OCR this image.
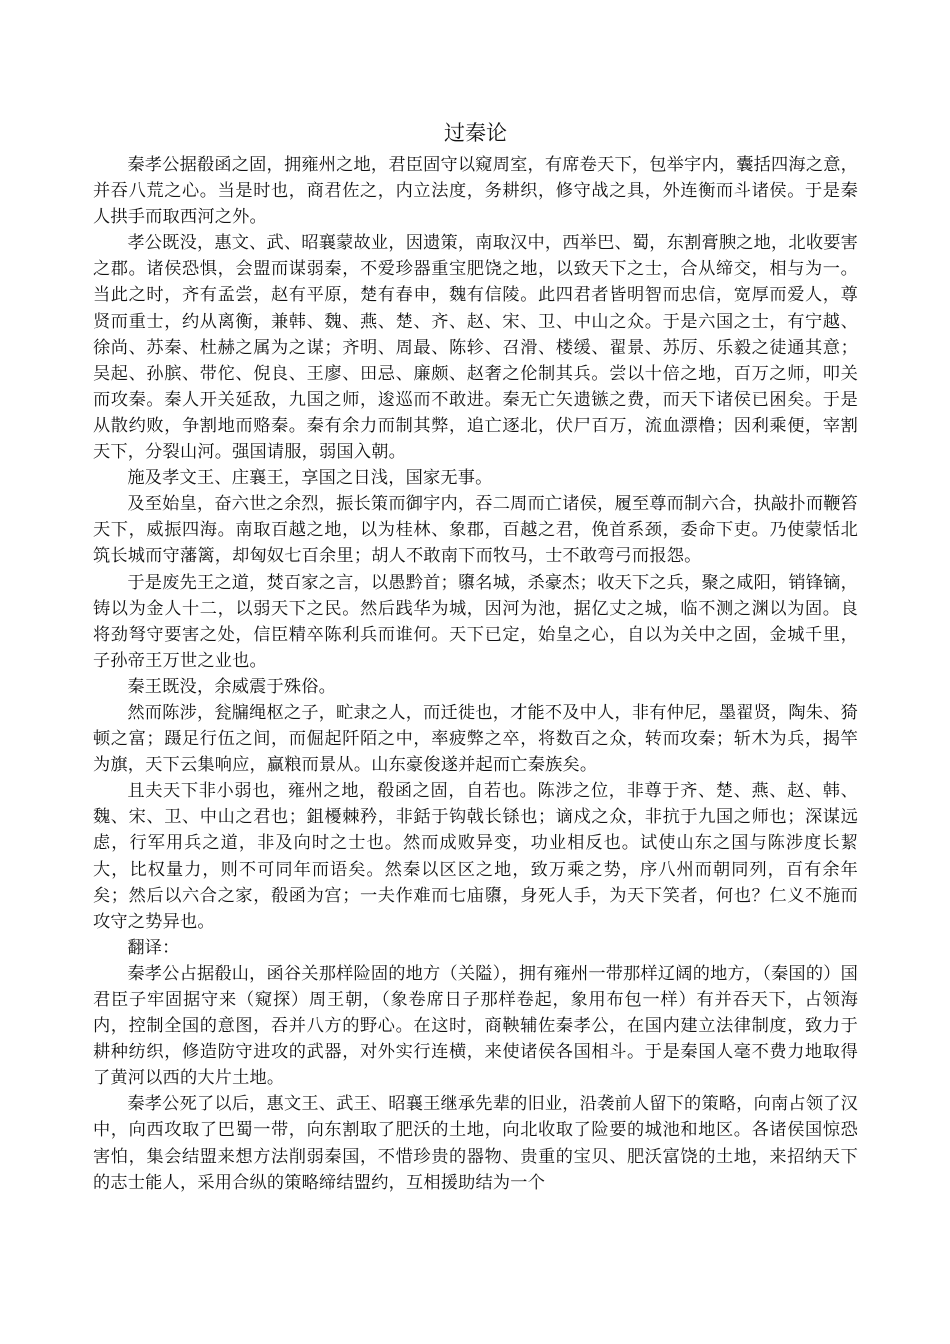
过秦论

秦孝公据殽函之固，拥雍州之地，君臣固守以窥周室，有席卷天下，包举宇内，囊括四海之意，并吞八荒之心。当是时也，商君佐之，内立法度，务耕织，修守战之具，外连衡而斗诸侯。于是秦人拱手而取西河之外。

孝公既没，惠文、武、昭襄蒙故业，因遗策，南取汉中，西举巴、蜀，东割膏腴之地，北收要害之郡。诸侯恐惧，会盟而谋弱秦，不爱珍器重宝肥饶之地，以致天下之士，合从缔交，相与为一。当此之时，齐有孟尝，赵有平原，楚有春申，魏有信陵。此四君者皆明智而忠信，宽厚而爱人，尊贤而重士，约从离衡，兼韩、魏、燕、楚、齐、赵、宋、卫、中山之众。于是六国之士，有宁越、徐尚、苏秦、杜赫之属为之谋；齐明、周最、陈轸、召滑、楼缓、翟景、苏厉、乐毅之徒通其意；吴起、孙膑、带佗、倪良、王廖、田忌、廉颇、赵奢之伦制其兵。尝以十倍之地，百万之师，叩关而攻秦。秦人开关延敌，九国之师，逡巡而不敢进。秦无亡矢遗镞之费，而天下诸侯已困矣。于是从散约败，争割地而赂秦。秦有余力而制其弊，追亡逐北，伏尸百万，流血漂橹；因利乘便，宰割天下，分裂山河。强国请服，弱国入朝。

施及孝文王、庄襄王，享国之日浅，国家无事。

及至始皇，奋六世之余烈，振长策而御宇内，吞二周而亡诸侯，履至尊而制六合，执敲扑而鞭笞天下，威振四海。南取百越之地，以为桂林、象郡，百越之君，俛首系颈，委命下吏。乃使蒙恬北筑长城而守藩篱，却匈奴七百余里；胡人不敢南下而牧马，士不敢弯弓而报怨。

于是废先王之道，焚百家之言，以愚黔首；隳名城，杀豪杰；收天下之兵，聚之咸阳，销锋镝，铸以为金人十二，以弱天下之民。然后践华为城，因河为池，据亿丈之城，临不测之渊以为固。良将劲弩守要害之处，信臣精卒陈利兵而谁何。天下已定，始皇之心，自以为关中之固，金城千里，子孙帝王万世之业也。

秦王既没，余威震于殊俗。

然而陈涉，瓮牖绳枢之子，甿隶之人，而迁徙也，才能不及中人，非有仲尼，墨翟贤，陶朱、猗顿之富；蹑足行伍之间，而倔起阡陌之中，率疲弊之卒，将数百之众，转而攻秦；斩木为兵，揭竿为旗，天下云集响应，赢粮而景从。山东豪俊遂并起而亡秦族矣。

且夫天下非小弱也，雍州之地，殽函之固，自若也。陈涉之位，非尊于齐、楚、燕、赵、韩、魏、宋、卫、中山之君也；鉏櫌棘矜，非銛于钩戟长铩也；谪戍之众，非抗于九国之师也；深谋远虑，行军用兵之道，非及向时之士也。然而成败异变，功业相反也。试使山东之国与陈涉度长絜大，比权量力，则不可同年而语矣。然秦以区区之地，致万乘之势，序八州而朝同列，百有余年矣；然后以六合之家，殽函为宫；一夫作难而七庙隳，身死人手，为天下笑者，何也？仁义不施而攻守之势异也。

翻译：

秦孝公占据殽山，函谷关那样险固的地方（关隘），拥有雍州一带那样辽阔的地方，（秦国的）国君臣子牢固据守来（窥探）周王朝，（象卷席日子那样卷起，象用布包一样）有并吞天下，占领海内，控制全国的意图，吞并八方的野心。在这时，商鞅辅佐秦孝公，在国内建立法律制度，致力于耕种纺织，修造防守进攻的武器，对外实行连横，来使诸侯各国相斗。于是秦国人毫不费力地取得了黄河以西的大片土地。

秦孝公死了以后，惠文王、武王、昭襄王继承先辈的旧业，沿袭前人留下的策略，向南占领了汉中，向西攻取了巴蜀一带，向东割取了肥沃的土地，向北收取了险要的城池和地区。各诸侯国惊恐害怕，集会结盟来想方法削弱秦国，不惜珍贵的器物、贵重的宝贝、肥沃富饶的土地，来招纳天下的志士能人，采用合纵的策略缔结盟约，互相援助结为一个
